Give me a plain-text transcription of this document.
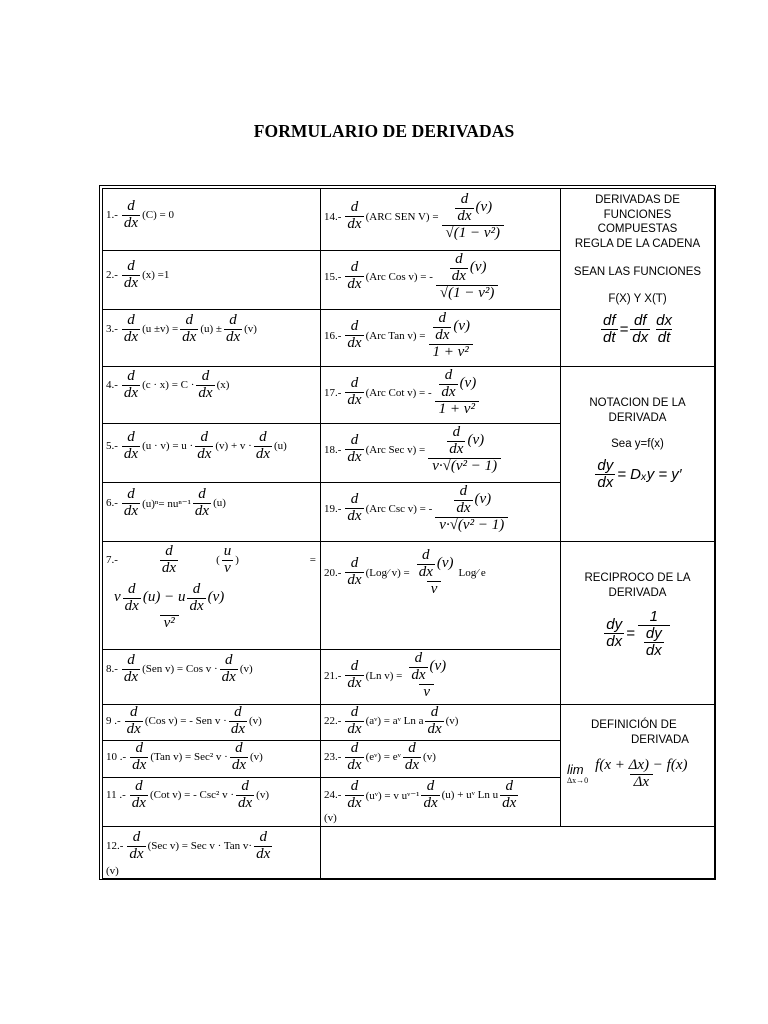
FORMULARIO DE DERIVADAS
1.-
d
dx (C) = 0
2.-
d
dx (x) =1
3.-
d
dx $(u \pm v) = \frac{d}{dx} (u) \pm \frac{d}{dx} (v)$
4.-
d
dx (c · x) = C ·
d
dx (x)
5.-
d
dx (u · v) = u ·
d
dx (v) + v ·
d
dx (u)
6.-
d
dx (u)ⁿ= nuⁿ⁻¹
d
dx (u)
7.-
d
dx	(
u
v )	=
v
d
dx
(u) − u
d
dx
(v)
v²
8.-
d
dx (Sen v) = Cos v ·
d
dx (v)
9 .-
d
dx (Cos v) = - Sen v ·
d
dx (v)
10 .-
d
dx (Tan v) = Sec² v ·
d
dx (v)
11 .-
d
dx (Cot v) = - Csc² v ·
d
dx (v)
12.-
d
dx (Sec v) = Sec v · Tan v·
d
dx
(v)
14.-
d
dx (ARC SEN $V) = \frac{d}{dx} (v)$
√(1 − ν²)
15.-
d
dx (Arc Cos v) = - $\frac{d}{dx} (v)$
√(1 − ν²)
16.-
d
dx (Arc Tan $v) = \frac{d}{dx} (v)$
1 + ν²
17.-
d
dx (Arc Cot v) = - $\frac{d}{dx} (v)$
1 + ν²
18.-
d
dx (Arc Sec $v) = \frac{d}{dx} (v)$
ν·√(ν² − 1)
19.-
d
dx (Arc Csc v) = - $\frac{d}{dx} (v)$
ν·√(ν² − 1)
20.-
d
dx (Log⁄ $v) = \frac{d}{dx} (v)$
ν
Log⁄ e
21.-
d
dx (Ln $v) = \frac{d}{dx} (v)$
ν
22.-
d
dx (aᵛ) = aᵛ Ln a
d
dx (v)
23.-
d
dx (eᵛ) = eᵛ
d
dx (v)
24.-
d
dx (uᵛ) = v uᵛ⁻¹
d
dx (u) + uᵛ Ln u
d
dx
(v)
DERIVADAS DE
FUNCIONES
COMPUESTAS
REGLA DE LA CADENA
SEAN LAS FUNCIONES
F(X) Y X(T)
$\frac{df}{dt} = \frac{df}{dx}$ dx
dt
NOTACION DE LA
DERIVADA
Sea y=f(x)
$\frac{dy}{dx} = D_xy = y'$
RECIPROCO DE LA
DERIVADA
$\frac{dy}{dx}$ =
1
$\frac{dy}{dx}$
DEFINICIÓN DE
DERIVADA
lim
Δx→0
f(x + Δx) − f(x)
Δx
